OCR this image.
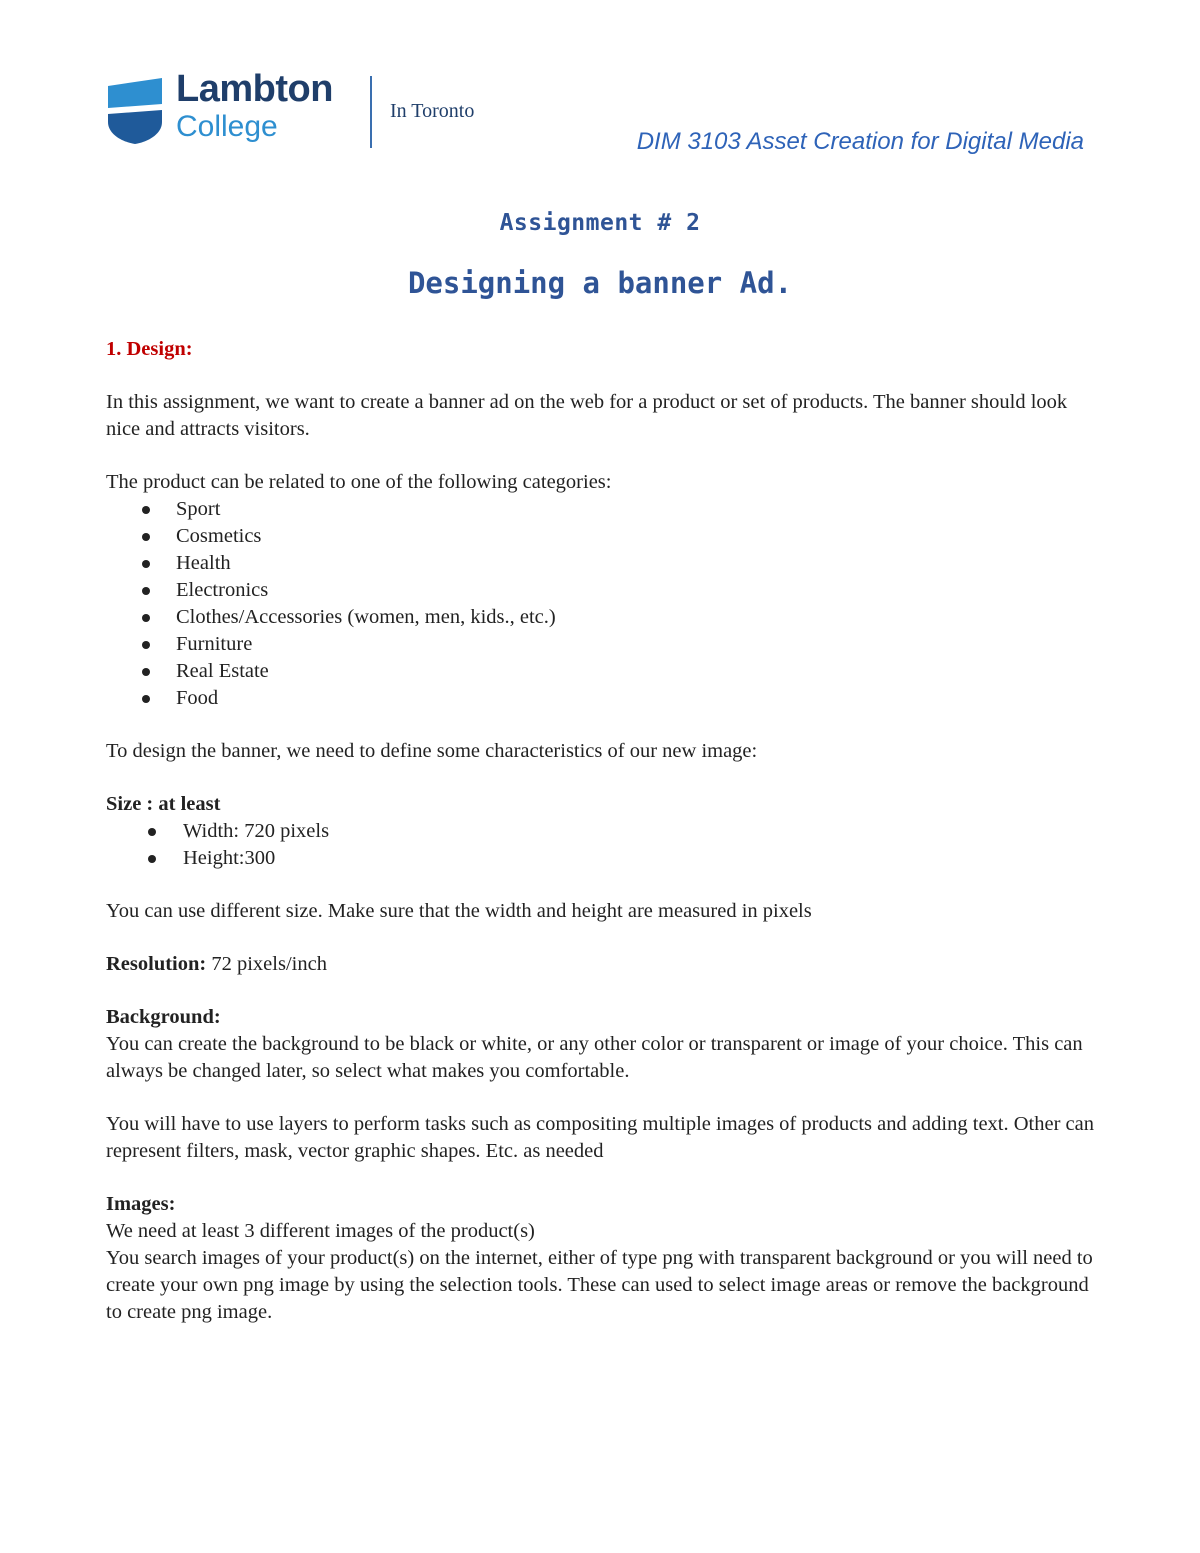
Lambton
College	In Toronto
DIM 3103 Asset Creation for Digital Media
Assignment # 2
Designing a banner Ad.

1. Design:

In this assignment, we want to create a banner ad on the web for a product or set of products. The banner should look nice and attracts visitors.

The product can be related to one of the following categories:

Sport
Cosmetics
Health
Electronics
Clothes/Accessories (women, men, kids., etc.)
Furniture
Real Estate
Food

To design the banner, we need to define some characteristics of our new image:

Size : at least

Width: 720 pixels
Height:300

You can use different size. Make sure that the width and height are measured in pixels

Resolution: 72 pixels/inch

Background:

You can create the background to be black or white, or any other color or transparent or image of your choice. This can always be changed later, so select what makes you comfortable.

You will have to use layers to perform tasks such as compositing multiple images of products and adding text. Other can represent filters, mask, vector graphic shapes. Etc. as needed

Images:

We need at least 3 different images of the product(s)

You search images of your product(s) on the internet, either of type png with transparent background or you will need to create your own png image by using the selection tools. These can used to select image areas or remove the background to create png image.
